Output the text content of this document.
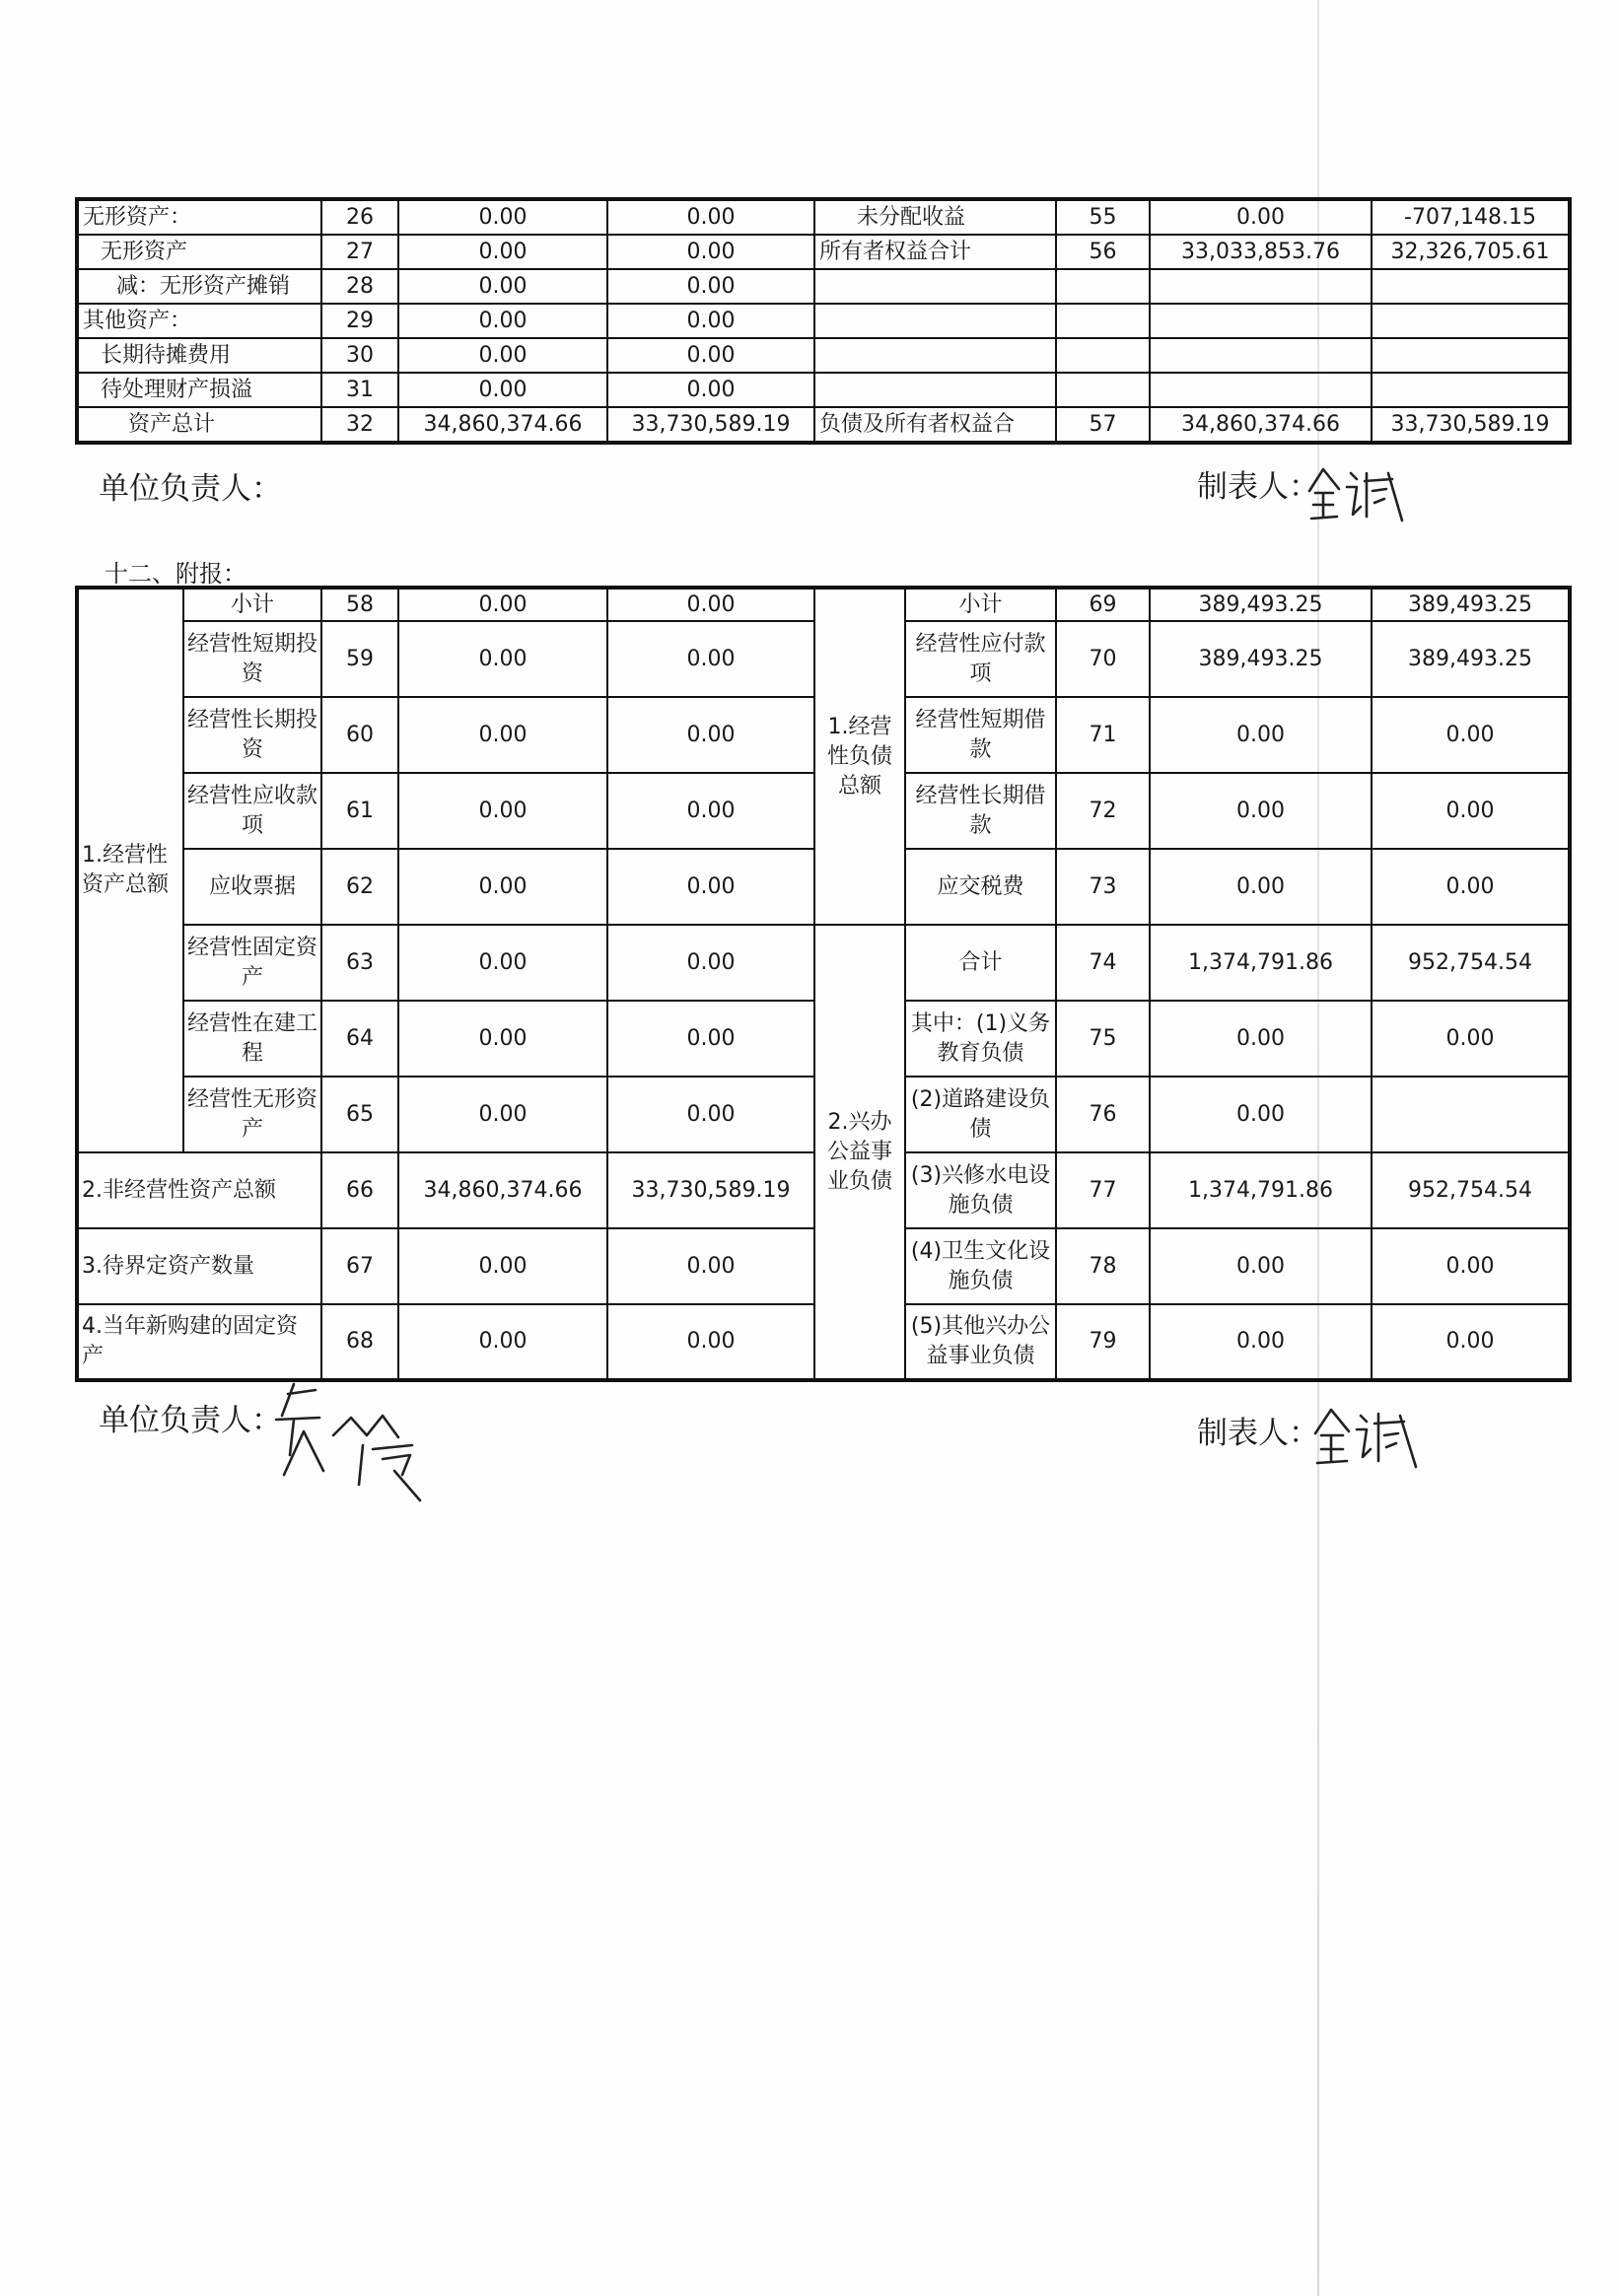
无形资产：	26	0.00	0.00	未分配收益	55	0.00	-707,148.15
无形资产	27	0.00	0.00	所有者权益合计	56	33,033,853.76	32,326,705.61
减：无形资产摊销	28	0.00	0.00				
其他资产：	29	0.00	0.00				
长期待摊费用	30	0.00	0.00				
待处理财产损溢	31	0.00	0.00				
资产总计	32	34,860,374.66	33,730,589.19	负债及所有者权益合	57	34,860,374.66	33,730,589.19
单位负责人：	制表人：
十二、附报：
1.经营性资产总额	小计	58	0.00	0.00	1.经营性负债总额	小计	69	389,493.25	389,493.25
	经营性短期投资	59	0.00	0.00		经营性应付款项	70	389,493.25	389,493.25
	经营性长期投资	60	0.00	0.00		经营性短期借款	71	0.00	0.00
	经营性应收款项	61	0.00	0.00		经营性长期借款	72	0.00	0.00
	应收票据	62	0.00	0.00		应交税费	73	0.00	0.00
	经营性固定资产	63	0.00	0.00	2.兴办公益事业负债	合计	74	1,374,791.86	952,754.54
	经营性在建工程	64	0.00	0.00		其中：(1)义务教育负债	75	0.00	0.00
	经营性无形资产	65	0.00	0.00		(2)道路建设负债	76	0.00	
2.非经营性资产总额		66	34,860,374.66	33,730,589.19		(3)兴修水电设施负债	77	1,374,791.86	952,754.54
3.待界定资产数量		67	0.00	0.00		(4)卫生文化设施负债	78	0.00	0.00
4.当年新购建的固定资产		68	0.00	0.00		(5)其他兴办公益事业负债	79	0.00	0.00
单位负责人：	制表人：
